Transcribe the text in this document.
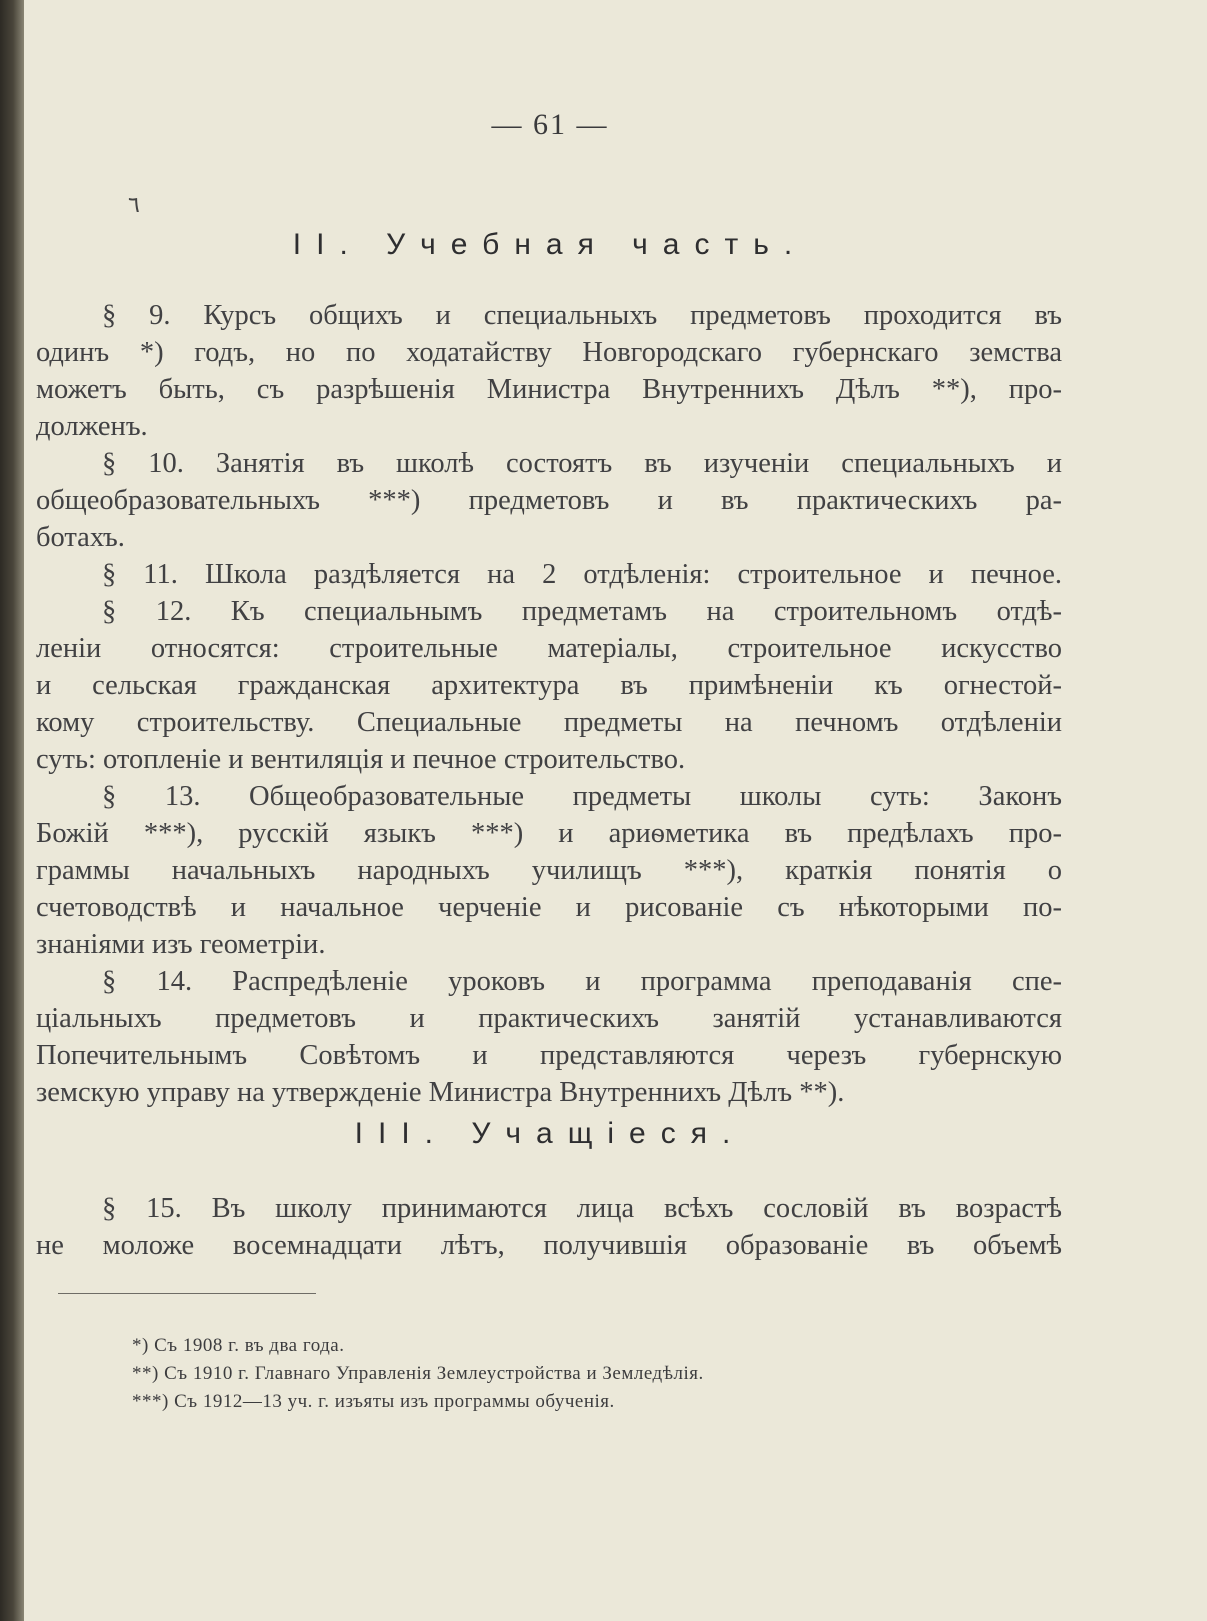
— 61 —
٦
II. Учебная часть.
§ 9. Курсъ общихъ и специальныхъ предметовъ проходится въ
одинъ *) годъ, но по ходатайству Новгородскаго губернскаго земства
можетъ быть, съ разрѣшенія Министра Внутреннихъ Дѣлъ **), про-
долженъ.
§ 10. Занятія въ школѣ состоятъ въ изученіи специальныхъ и
общеобразовательныхъ ***) предметовъ и въ практическихъ ра-
ботахъ.
§ 11. Школа раздѣляется на 2 отдѣленія: строительное и печное.
§ 12. Къ специальнымъ предметамъ на строительномъ отдѣ-
леніи относятся: строительные матеріалы, строительное искусство
и сельская гражданская архитектура въ примѣненіи къ огнестой-
кому строительству. Специальные предметы на печномъ отдѣленіи
суть: отопленіе и вентиляція и печное строительство.
§ 13. Общеобразовательные предметы школы суть: Законъ
Божій ***), русскій языкъ ***) и ариѳметика въ предѣлахъ про-
граммы начальныхъ народныхъ училищъ ***), краткія понятія о
счетоводствѣ и начальное черченіе и рисованіе съ нѣкоторыми по-
знаніями изъ геометріи.
§ 14. Распредѣленіе уроковъ и программа преподаванія спе-
ціальныхъ предметовъ и практическихъ занятій устанавливаются
Попечительнымъ Совѣтомъ и представляются черезъ губернскую
земскую управу на утвержденіе Министра Внутреннихъ Дѣлъ **).
III. Учащіеся.
§ 15. Въ школу принимаются лица всѣхъ сословій въ возрастѣ
не моложе восемнадцати лѣтъ, получившія образованіе въ объемѣ
*) Съ 1908 г. въ два года.
**) Съ 1910 г. Главнаго Управленія Землеустройства и Земледѣлія.
***) Съ 1912—13 уч. г. изъяты изъ программы обученія.
